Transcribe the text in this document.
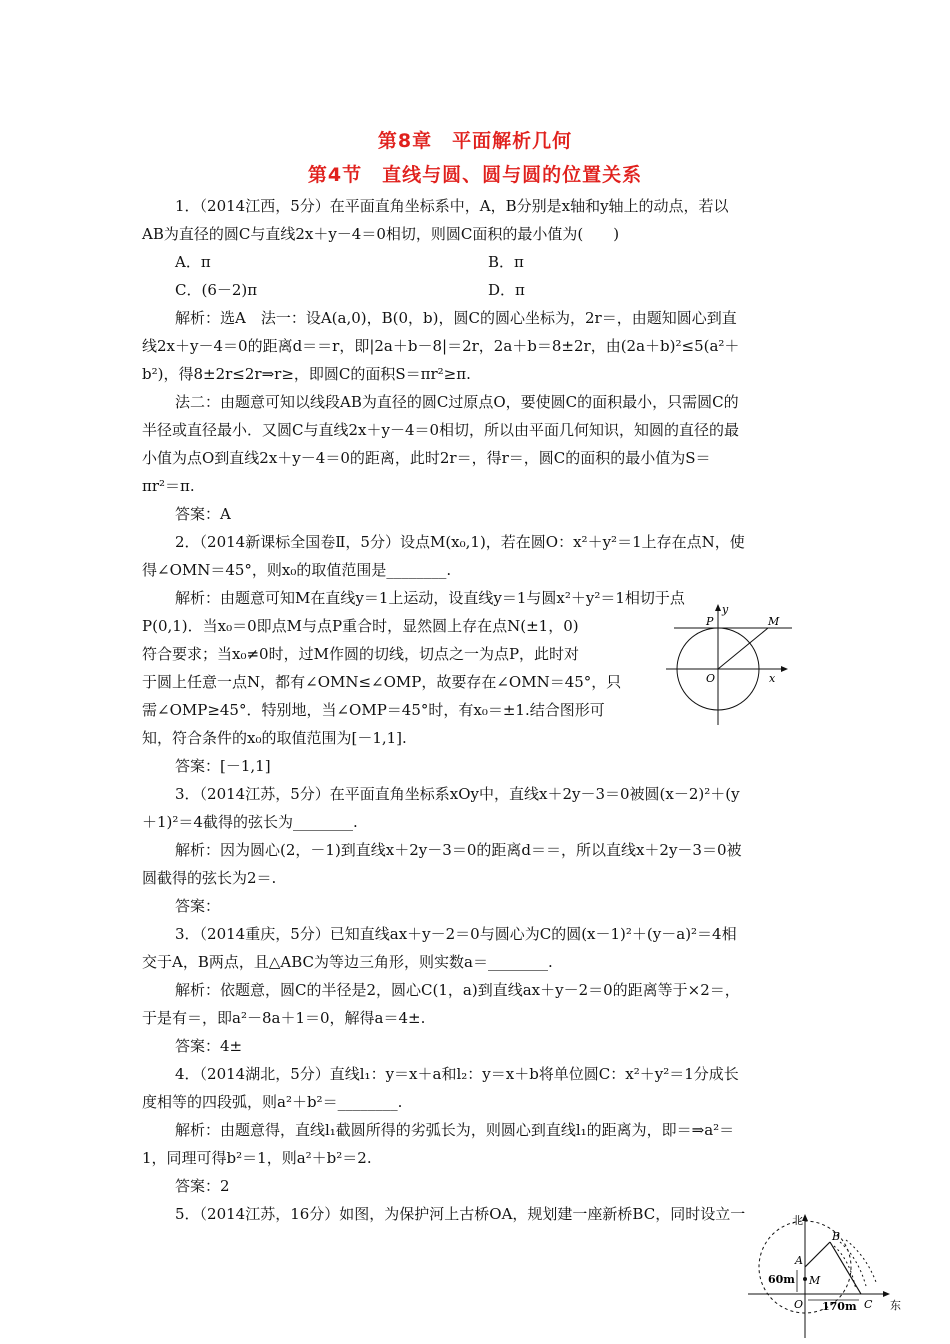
第8章　平面解析几何
第4节　直线与圆、圆与圆的位置关系
1．（2014江西，5分）在平面直角坐标系中，A，B分别是x轴和y轴上的动点，若以
AB为直径的圆C与直线2x＋y－4＝0相切，则圆C面积的最小值为(　　)
A．π	B．π
C．(6－2)π	D．π
解析：选A　法一：设A(a,0)，B(0，b)，圆C的圆心坐标为，2r＝，由题知圆心到直
线2x＋y－4＝0的距离d＝＝r，即|2a＋b－8|＝2r，2a＋b＝8±2r，由(2a＋b)²≤5(a²＋
b²)，得8±2r≤2r⇒r≥，即圆C的面积S＝πr²≥π.
法二：由题意可知以线段AB为直径的圆C过原点O，要使圆C的面积最小，只需圆C的
半径或直径最小．又圆C与直线2x＋y－4＝0相切，所以由平面几何知识，知圆的直径的最
小值为点O到直线2x＋y－4＝0的距离，此时2r＝，得r＝，圆C的面积的最小值为S＝
πr²＝π.
答案：A
2．（2014新课标全国卷Ⅱ，5分）设点M(x₀,1)，若在圆O：x²＋y²＝1上存在点N，使
得∠OMN＝45°，则x₀的取值范围是________.
解析：由题意可知M在直线y＝1上运动，设直线y＝1与圆x²＋y²＝1相切于点
P(0,1)．当x₀＝0即点M与点P重合时，显然圆上存在点N(±1，0)
符合要求；当x₀≠0时，过M作圆的切线，切点之一为点P，此时对
于圆上任意一点N，都有∠OMN≤∠OMP，故要存在∠OMN＝45°，只
需∠OMP≥45°．特别地，当∠OMP＝45°时，有x₀＝±1.结合图形可
知，符合条件的x₀的取值范围为[－1,1].
答案：[－1,1]
y
P	M
O	x
3．（2014江苏，5分）在平面直角坐标系xOy中，直线x＋2y－3＝0被圆(x－2)²＋(y
＋1)²＝4截得的弦长为________.
解析：因为圆心(2，－1)到直线x＋2y－3＝0的距离d＝＝，所以直线x＋2y－3＝0被
圆截得的弦长为2＝.
答案：
3．（2014重庆，5分）已知直线ax＋y－2＝0与圆心为C的圆(x－1)²＋(y－a)²＝4相
交于A，B两点，且△ABC为等边三角形，则实数a＝________.
解析：依题意，圆C的半径是2，圆心C(1，a)到直线ax＋y－2＝0的距离等于×2＝，
于是有＝，即a²－8a＋1＝0，解得a＝4±.
答案：4±
4．（2014湖北，5分）直线l₁：y＝x＋a和l₂：y＝x＋b将单位圆C：x²＋y²＝1分成长
度相等的四段弧，则a²＋b²＝________.
解析：由题意得，直线l₁截圆所得的劣弧长为，则圆心到直线l₁的距离为，即＝⇒a²＝
1，同理可得b²＝1，则a²＋b²＝2.
答案：2
5．（2014江苏，16分）如图，为保护河上古桥OA，规划建一座新桥BC，同时设立一	北
B
A
60m M
O 170m C 东
